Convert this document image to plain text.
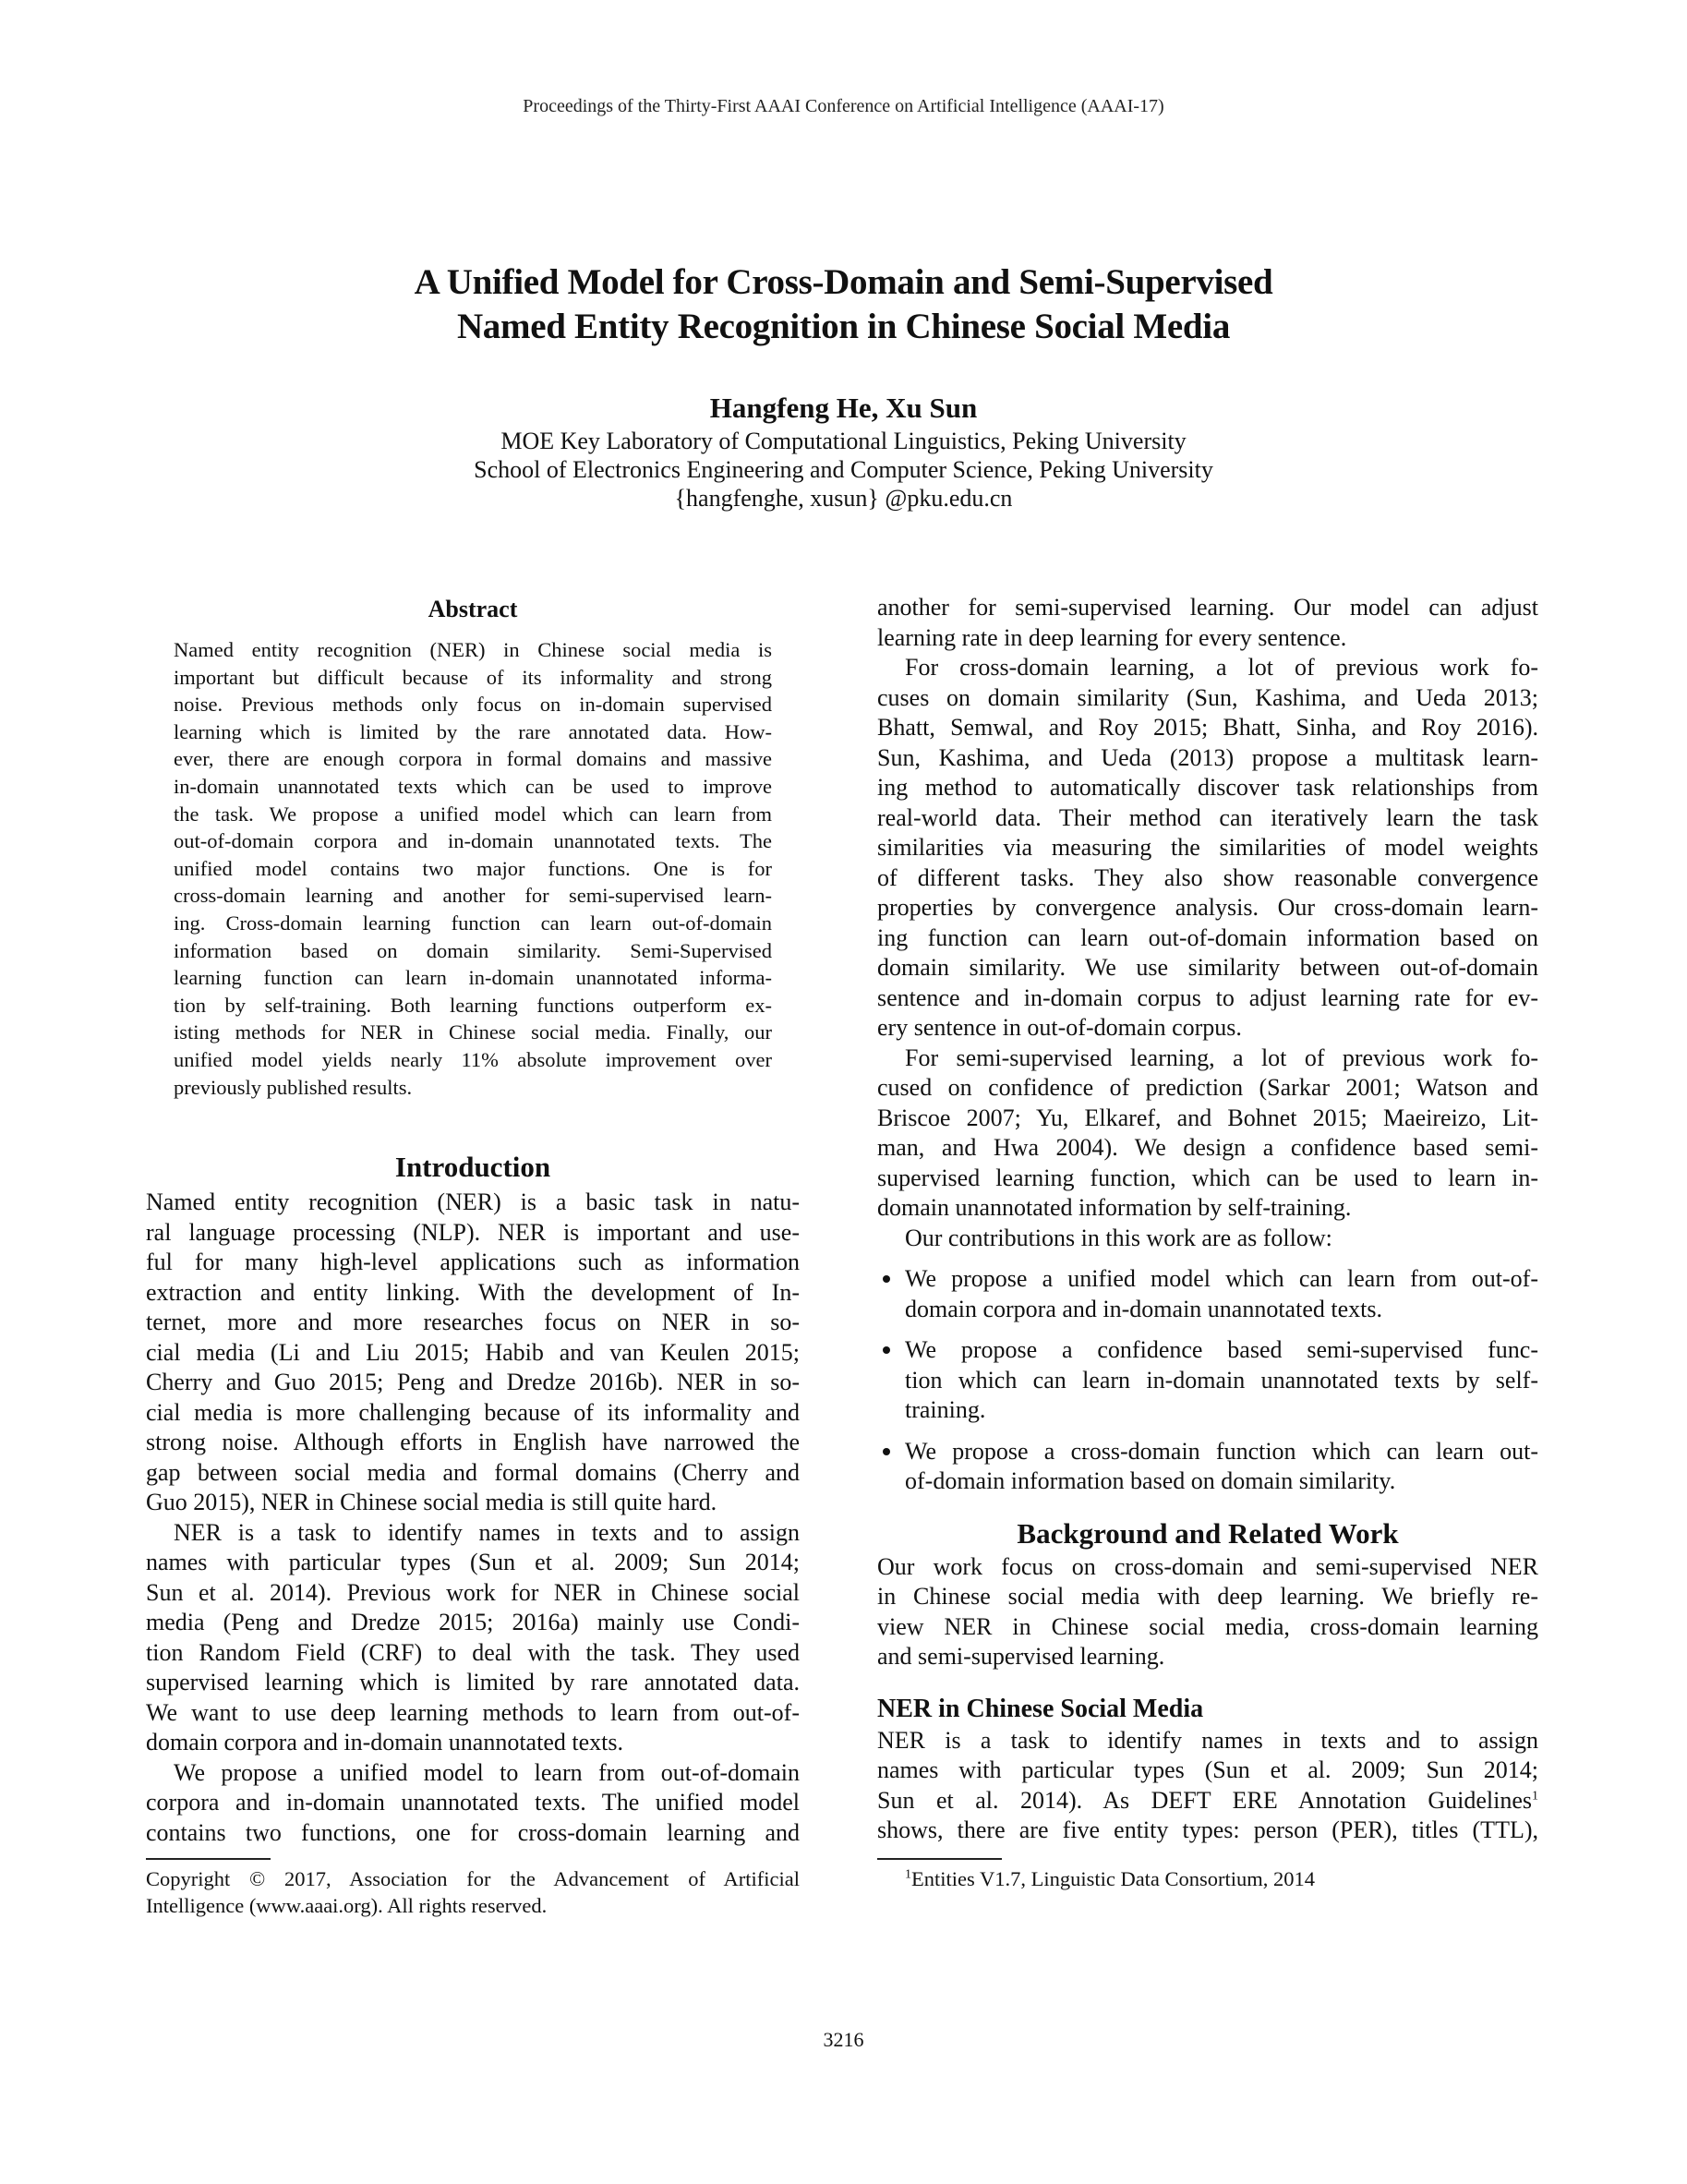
Proceedings of the Thirty-First AAAI Conference on Artificial Intelligence (AAAI-17)
A Unified Model for Cross-Domain and Semi-Supervised
Named Entity Recognition in Chinese Social Media
Hangfeng He, Xu Sun
MOE Key Laboratory of Computational Linguistics, Peking University
School of Electronics Engineering and Computer Science, Peking University
{hangfenghe, xusun} @pku.edu.cn
Abstract
Named entity recognition (NER) in Chinese social media is
important but difficult because of its informality and strong
noise. Previous methods only focus on in-domain supervised
learning which is limited by the rare annotated data. How-
ever, there are enough corpora in formal domains and massive
in-domain unannotated texts which can be used to improve
the task. We propose a unified model which can learn from
out-of-domain corpora and in-domain unannotated texts. The
unified model contains two major functions. One is for
cross-domain learning and another for semi-supervised learn-
ing. Cross-domain learning function can learn out-of-domain
information based on domain similarity. Semi-Supervised
learning function can learn in-domain unannotated informa-
tion by self-training. Both learning functions outperform ex-
isting methods for NER in Chinese social media. Finally, our
unified model yields nearly 11% absolute improvement over
previously published results.
Introduction
Named entity recognition (NER) is a basic task in natu-
ral language processing (NLP). NER is important and use-
ful for many high-level applications such as information
extraction and entity linking. With the development of In-
ternet, more and more researches focus on NER in so-
cial media (Li and Liu 2015; Habib and van Keulen 2015;
Cherry and Guo 2015; Peng and Dredze 2016b). NER in so-
cial media is more challenging because of its informality and
strong noise. Although efforts in English have narrowed the
gap between social media and formal domains (Cherry and
Guo 2015), NER in Chinese social media is still quite hard.
NER is a task to identify names in texts and to assign
names with particular types (Sun et al. 2009; Sun 2014;
Sun et al. 2014). Previous work for NER in Chinese social
media (Peng and Dredze 2015; 2016a) mainly use Condi-
tion Random Field (CRF) to deal with the task. They used
supervised learning which is limited by rare annotated data.
We want to use deep learning methods to learn from out-of-
domain corpora and in-domain unannotated texts.
We propose a unified model to learn from out-of-domain
corpora and in-domain unannotated texts. The unified model
contains two functions, one for cross-domain learning and
Copyright © 2017, Association for the Advancement of Artificial
Intelligence (www.aaai.org). All rights reserved.
another for semi-supervised learning. Our model can adjust
learning rate in deep learning for every sentence.
For cross-domain learning, a lot of previous work fo-
cuses on domain similarity (Sun, Kashima, and Ueda 2013;
Bhatt, Semwal, and Roy 2015; Bhatt, Sinha, and Roy 2016).
Sun, Kashima, and Ueda (2013) propose a multitask learn-
ing method to automatically discover task relationships from
real-world data. Their method can iteratively learn the task
similarities via measuring the similarities of model weights
of different tasks. They also show reasonable convergence
properties by convergence analysis. Our cross-domain learn-
ing function can learn out-of-domain information based on
domain similarity. We use similarity between out-of-domain
sentence and in-domain corpus to adjust learning rate for ev-
ery sentence in out-of-domain corpus.
For semi-supervised learning, a lot of previous work fo-
cused on confidence of prediction (Sarkar 2001; Watson and
Briscoe 2007; Yu, Elkaref, and Bohnet 2015; Maeireizo, Lit-
man, and Hwa 2004). We design a confidence based semi-
supervised learning function, which can be used to learn in-
domain unannotated information by self-training.
Our contributions in this work are as follow:
We propose a unified model which can learn from out-of-
domain corpora and in-domain unannotated texts.
We propose a confidence based semi-supervised func-
tion which can learn in-domain unannotated texts by self-
training.
We propose a cross-domain function which can learn out-
of-domain information based on domain similarity.
Background and Related Work
Our work focus on cross-domain and semi-supervised NER
in Chinese social media with deep learning. We briefly re-
view NER in Chinese social media, cross-domain learning
and semi-supervised learning.
NER in Chinese Social Media
NER is a task to identify names in texts and to assign
names with particular types (Sun et al. 2009; Sun 2014;
Sun et al. 2014). As DEFT ERE Annotation Guidelines$^1$
shows, there are five entity types: person (PER), titles (TTL),
$^1$Entities V1.7, Linguistic Data Consortium, 2014
3216
